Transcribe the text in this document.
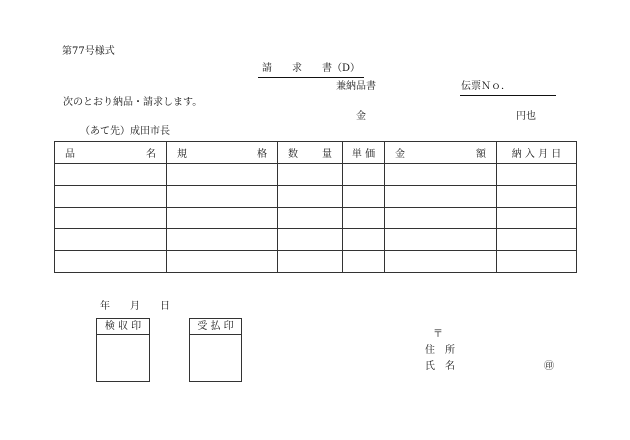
第77号様式
請　　求　　書（D）
兼納品書	伝票Ｎｏ．
次のとおり納品・請求します。
金	円也
（あて先）成田市長
品 名	規 格	数 量	単 価	金 額	納 入 月 日

年　　月　　日
検 収 印	受 払 印
〒
住　所
氏　名	㊞
